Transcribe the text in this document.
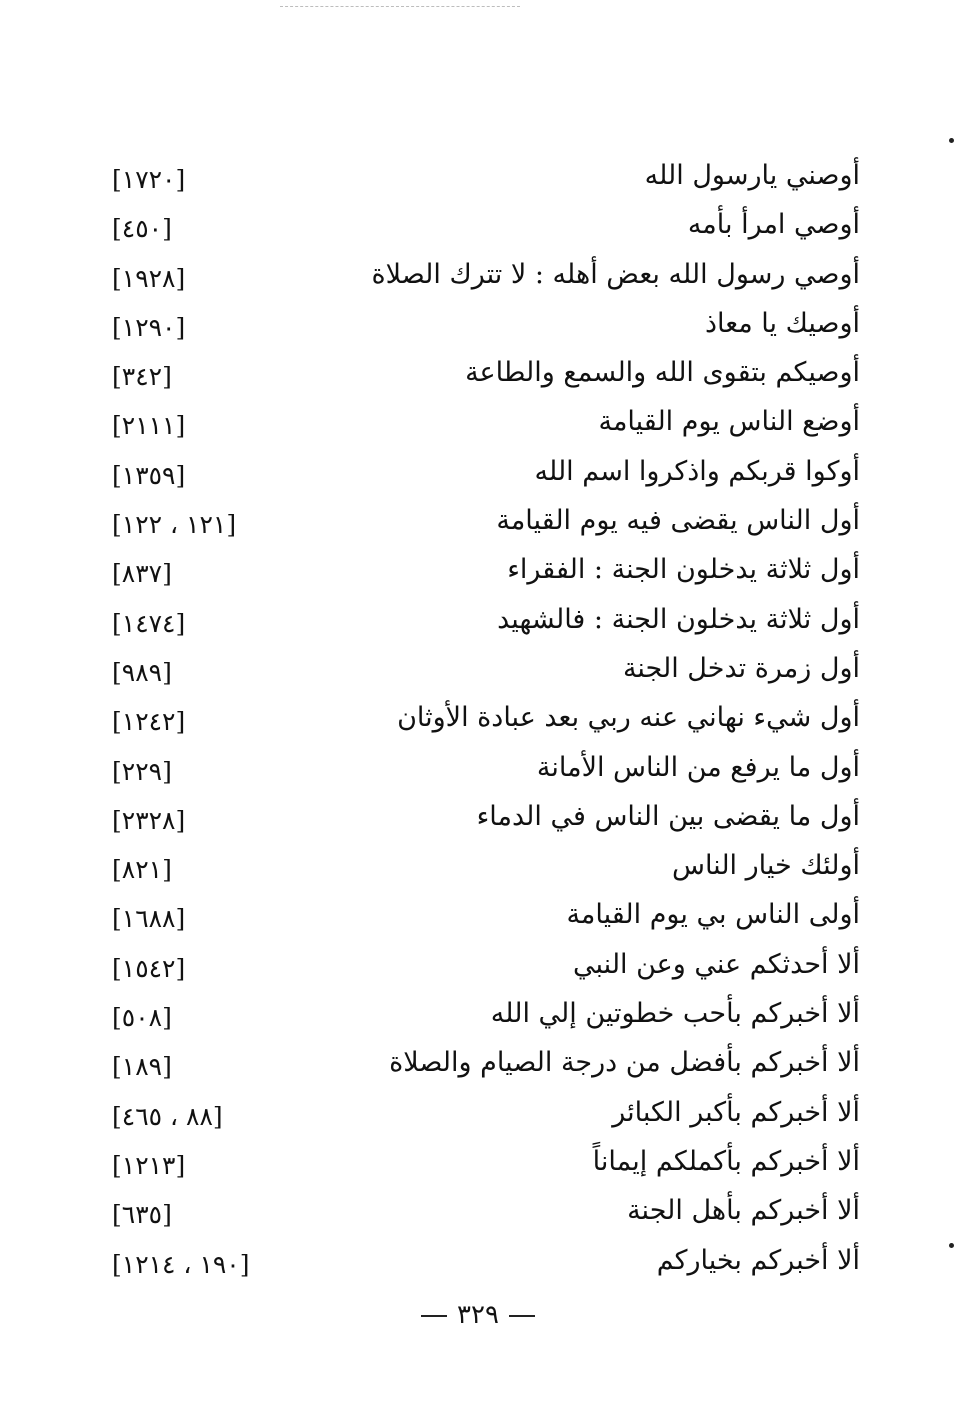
أوصني يارسول الله
[١٧٢٠]
أوصي امرأ بأمه
[٤٥٠]
أوصي رسول الله بعض أهله : لا تترك الصلاة
[١٩٢٨]
أوصيك يا معاذ
[١٢٩٠]
أوصيكم بتقوى الله والسمع والطاعة
[٣٤٢]
أوضع الناس يوم القيامة
[٢١١١]
أوكوا قربكم واذكروا اسم الله
[١٣٥٩]
أول الناس يقضى فيه يوم القيامة
[١٢١ ، ١٢٢]
أول ثلاثة يدخلون الجنة : الفقراء
[٨٣٧]
أول ثلاثة يدخلون الجنة : فالشهيد
[١٤٧٤]
أول زمرة تدخل الجنة
[٩٨٩]
أول شيء نهاني عنه ربي بعد عبادة الأوثان
[١٢٤٢]
أول ما يرفع من الناس الأمانة
[٢٢٩]
أول ما يقضى بين الناس في الدماء
[٢٣٢٨]
أولئك خيار الناس
[٨٢١]
أولى الناس بي يوم القيامة
[١٦٨٨]
ألا أحدثكم عني وعن النبي
[١٥٤٢]
ألا أخبركم بأحب خطوتين إلي الله
[٥٠٨]
ألا أخبركم بأفضل من درجة الصيام والصلاة
[١٨٩]
ألا أخبركم بأكبر الكبائر
[٨٨ ، ٤٦٥]
ألا أخبركم بأكملكم إيماناً
[١٢١٣]
ألا أخبركم بأهل الجنة
[٦٣٥]
ألا أخبركم بخياركم
[١٩٠ ، ١٢١٤]
٣٢٩
